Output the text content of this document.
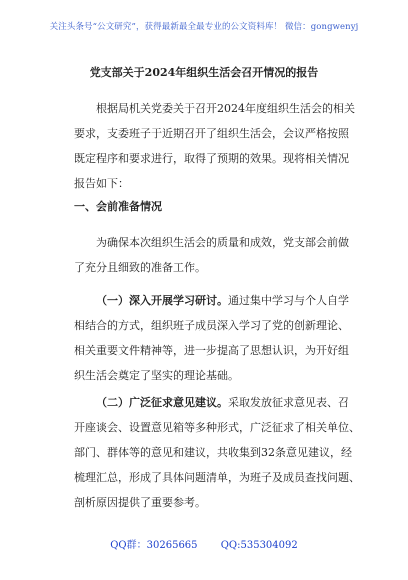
关注头条号“公文研究”，获得最新最全最专业的公文资料库！ 微信：gongwenyj
党支部关于2024年组织生活会召开情况的报告
根据局机关党委关于召开2024年度组织生活会的相关
要求，支委班子于近期召开了组织生活会，会议严格按照
既定程序和要求进行，取得了预期的效果。现将相关情况
报告如下：
一、会前准备情况
为确保本次组织生活会的质量和成效，党支部会前做
了充分且细致的准备工作。
（一）深入开展学习研讨。通过集中学习与个人自学
相结合的方式，组织班子成员深入学习了党的创新理论、
相关重要文件精神等，进一步提高了思想认识，为开好组
织生活会奠定了坚实的理论基础。
（二）广泛征求意见建议。采取发放征求意见表、召
开座谈会、设置意见箱等多种形式，广泛征求了相关单位、
部门、群体等的意见和建议，共收集到32条意见建议，经
梳理汇总，形成了具体问题清单，为班子及成员查找问题、
剖析原因提供了重要参考。
QQ群：30265665 QQ:535304092
